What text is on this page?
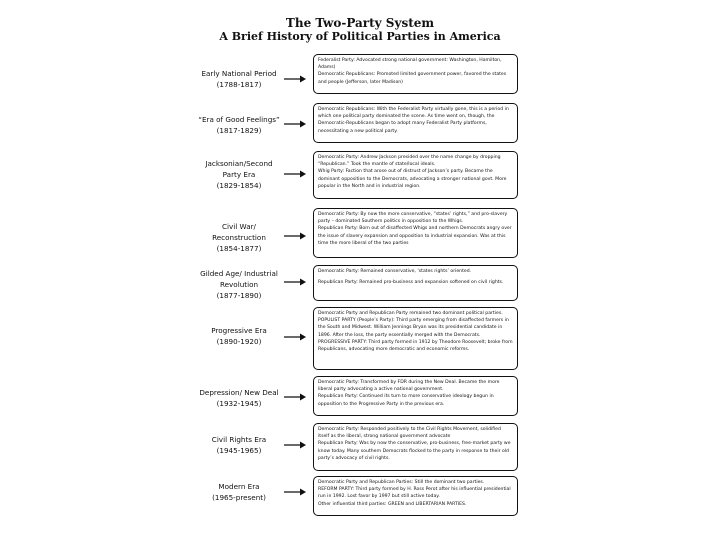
The Two-Party System
A Brief History of Political Parties in America
Early National Period
(1788-1817)
Federalist Party: Advocated strong national government: Washington, Hamilton, Adams)
Democratic Republicans: Promoted limited government power, favored the states and people (Jefferson, later Madison)
“Era of Good Feelings”
(1817-1829)
Democratic Republicans: With the Federalist Party virtually gone, this is a period in which one political party dominated the scene. As time went on, though, the Democratic-Republicans began to adopt many Federalist Party platforms, necessitating a new political party.
Jacksonian/Second
Party Era
(1829-1854)
Democratic Party: Andrew Jackson presided over the name change by dropping “Republican.” Took the mantle of state/local ideals.
Whig Party: Faction that arose out of distrust of Jackson’s party. Became the dominant opposition to the Democrats, advocating a stronger national govt. More popular in the North and in industrial region.
Civil War/
Reconstruction
(1854-1877)
Democratic Party: By now the more conservative, “states’ rights,” and pro-slavery party – dominated Southern politics in opposition to the Whigs.
Republican Party: Born out of disaffected Whigs and northern Democrats angry over the issue of slavery expansion and opposition to industrial expansion. Was at this time the more liberal of the two parties
Gilded Age/ Industrial
Revolution
(1877-1890)
Democratic Party: Remained conservative, ‘states rights’ oriented.
Republican Party: Remained pro-business and expansion softened on civil rights.
Progressive Era
(1890-1920)
Democratic Party and Republican Party remained two dominant political parties.
POPULIST PARTY (People’s Party): Third party emerging from disaffected farmers in the South and Midwest. William Jennings Bryan was its presidential candidate in 1896. After the loss, the party essentially merged with the Democrats.
PROGRESSIVE PARTY: Third party formed in 1912 by Theodore Roosevelt; broke from Republicans, advocating more democratic and economic reforms.
Depression/ New Deal
(1932-1945)
Democratic Party: Transformed by FDR during the New Deal. Became the more liberal party advocating a active national government.
Republican Party: Continued its turn to more conservative ideology begun in opposition to the Progressive Party in the previous era.
Civil Rights Era
(1945-1965)
Democratic Party: Responded positively to the Civil Rights Movement, solidified itself as the liberal, strong national government advocate
Republican Party: Was by now the conservative, pro-business, free-market party we know today. Many southern Democrats flocked to the party in response to their old party’s advocacy of civil rights.
Modern Era
(1965-present)
Democratic Party and Republican Parties: Still the dominant two parties.
REFORM PARTY: Third party formed by H. Ross Perot after his influential presidential run in 1992. Lost favor by 1997 but still active today.
Other influential third parties: GREEN and LIBERTARIAN PARTIES.
